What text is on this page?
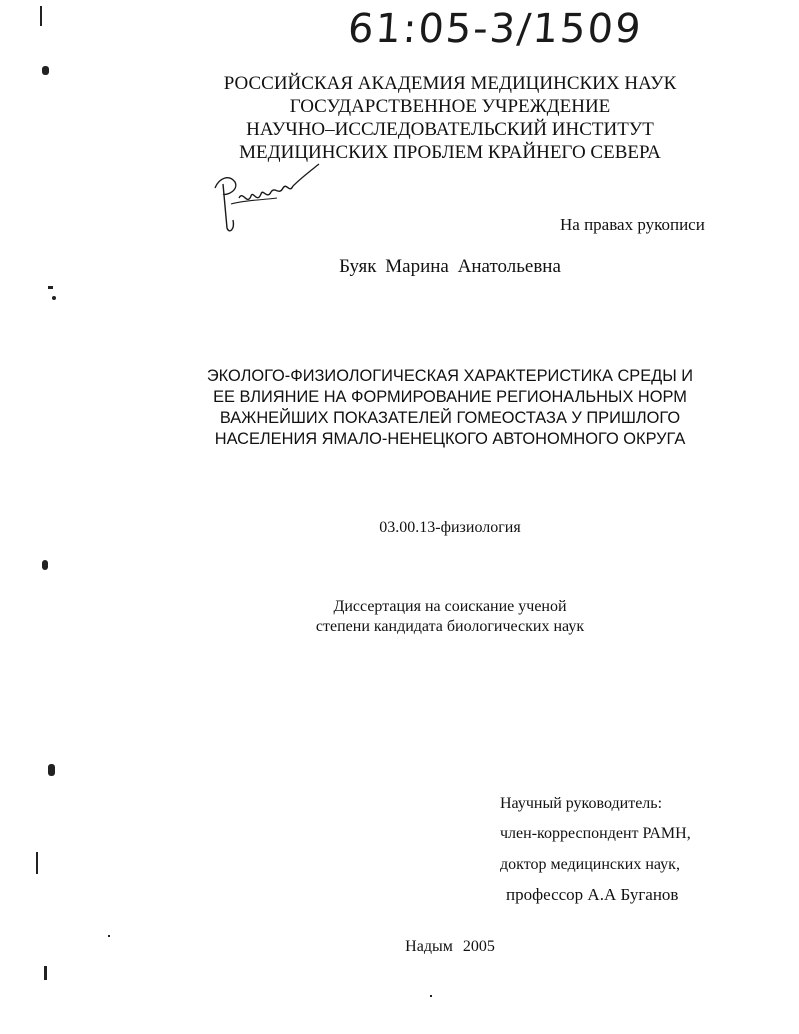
61:05-3/1509
РОССИЙСКАЯ АКАДЕМИЯ МЕДИЦИНСКИХ НАУК
ГОСУДАРСТВЕННОЕ УЧРЕЖДЕНИЕ
НАУЧНО–ИССЛЕДОВАТЕЛЬСКИЙ ИНСТИТУТ
МЕДИЦИНСКИХ ПРОБЛЕМ КРАЙНЕГО СЕВЕРА
На правах рукописи
Буяк Марина Анатольевна
ЭКОЛОГО-ФИЗИОЛОГИЧЕСКАЯ ХАРАКТЕРИСТИКА СРЕДЫ И
ЕЕ ВЛИЯНИЕ НА ФОРМИРОВАНИЕ РЕГИОНАЛЬНЫХ НОРМ
ВАЖНЕЙШИХ ПОКАЗАТЕЛЕЙ ГОМЕОСТАЗА У ПРИШЛОГО
НАСЕЛЕНИЯ ЯМАЛО-НЕНЕЦКОГО АВТОНОМНОГО ОКРУГА
03.00.13-физиология
Диссертация на соискание ученой
степени кандидата биологических наук
Научный руководитель:
член-корреспондент РАМН,
доктор медицинских наук,
профессор А.А Буганов
Надым 2005
